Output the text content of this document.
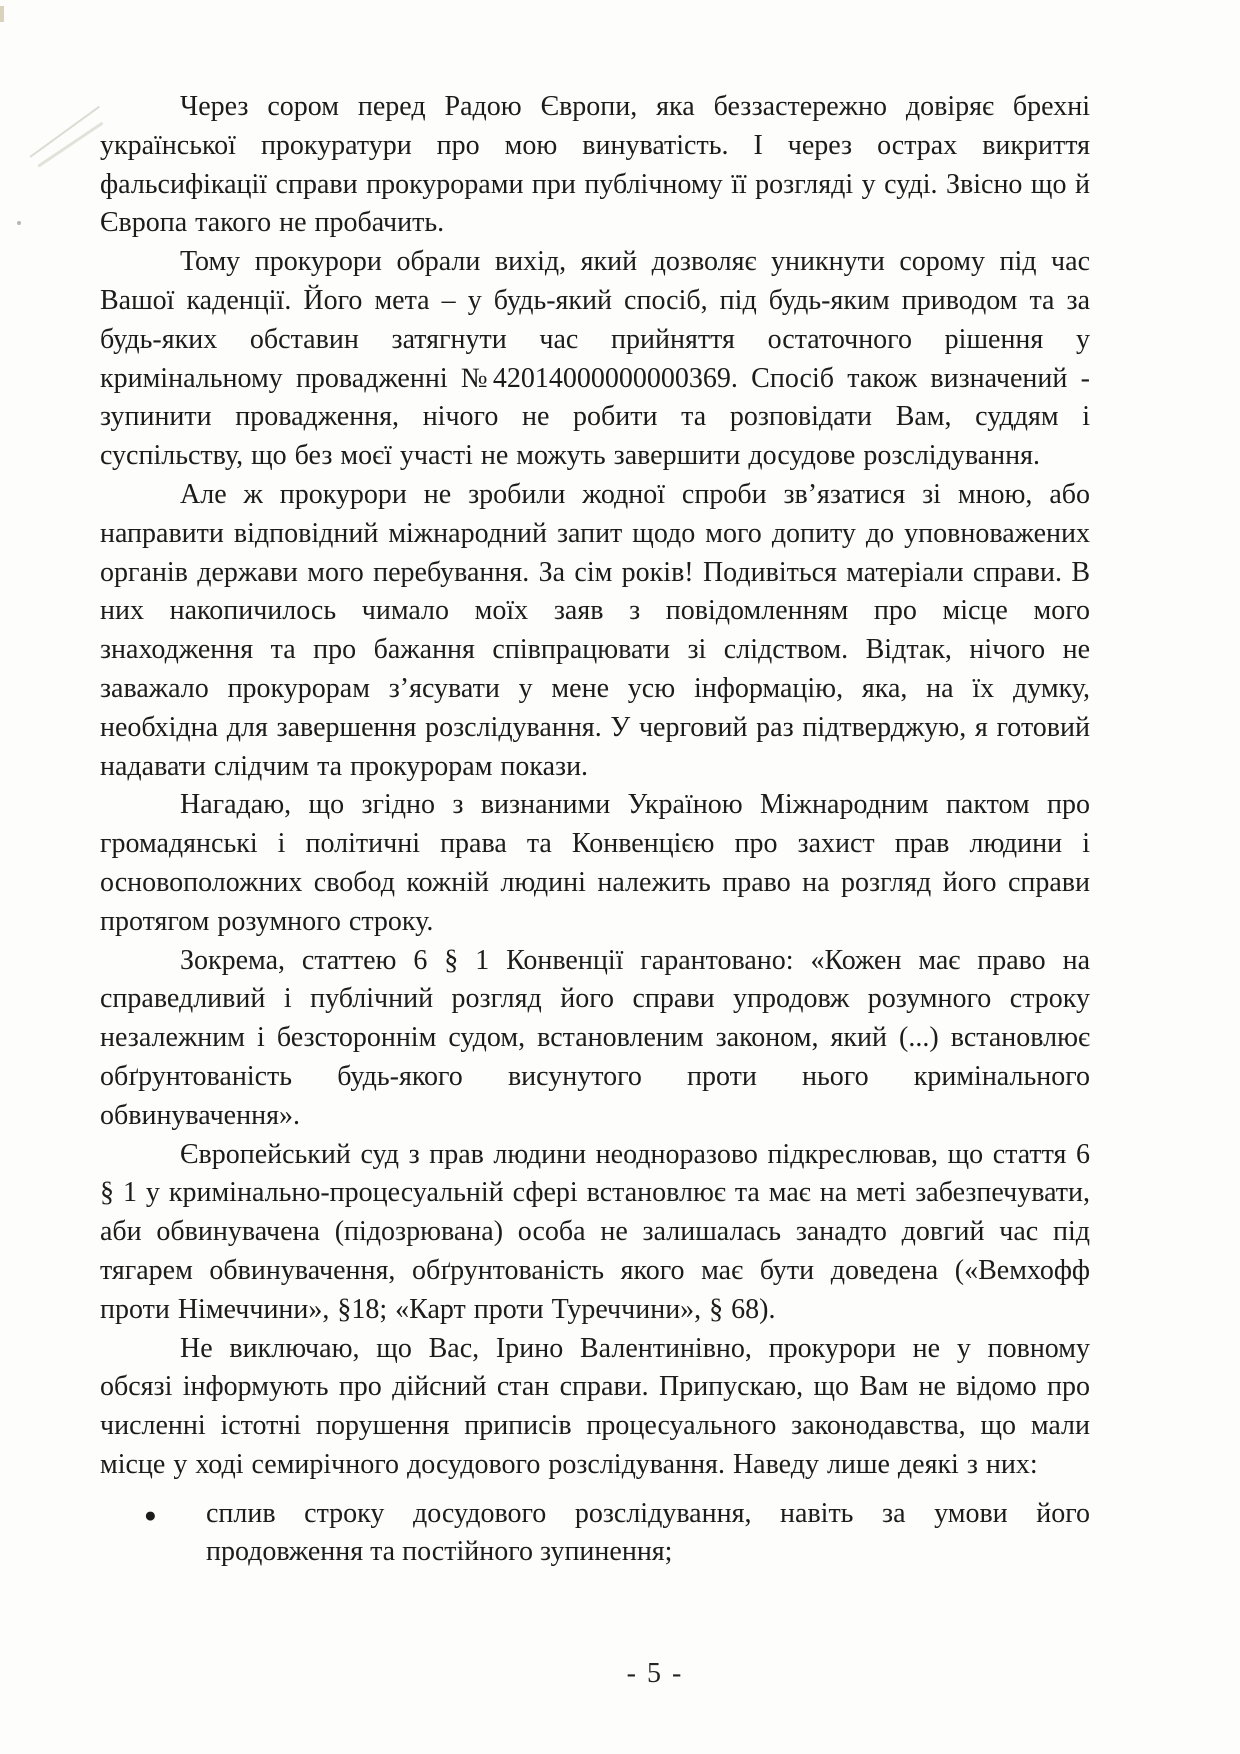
Через сором перед Радою Європи, яка беззастережно довіряє брехні української прокуратури про мою винуватість. І через острах викриття фальсифікації справи прокурорами при публічному її розгляді у суді. Звісно що й Європа такого не пробачить.

Тому прокурори обрали вихід, який дозволяє уникнути сорому під час Вашої каденції. Його мета – у будь-який спосіб, під будь-яким приводом та за будь-яких обставин затягнути час прийняття остаточного рішення у кримінальному провадженні №42014000000000369. Спосіб також визначений - зупинити провадження, нічого не робити та розповідати Вам, суддям і суспільству, що без моєї участі не можуть завершити досудове розслідування.

Але ж прокурори не зробили жодної спроби зв’язатися зі мною, або направити відповідний міжнародний запит щодо мого допиту до уповноважених органів держави мого перебування. За сім років! Подивіться матеріали справи. В них накопичилось чимало моїх заяв з повідомленням про місце мого знаходження та про бажання співпрацювати зі слідством. Відтак, нічого не заважало прокурорам з’ясувати у мене усю інформацію, яка, на їх думку, необхідна для завершення розслідування. У черговий раз підтверджую, я готовий надавати слідчим та прокурорам покази.

Нагадаю, що згідно з визнаними Україною Міжнародним пактом про громадянські і політичні права та Конвенцією про захист прав людини і основоположних свобод кожній людині належить право на розгляд його справи протягом розумного строку.

Зокрема, статтею 6 § 1 Конвенції гарантовано: «Кожен має право на справедливий і публічний розгляд його справи упродовж розумного строку незалежним і безстороннім судом, встановленим законом, який (...) встановлює обґрунтованість будь-якого висунутого проти нього кримінального обвинувачення».

Європейський суд з прав людини неодноразово підкреслював, що стаття 6 § 1 у кримінально-процесуальній сфері встановлює та має на меті забезпечувати, аби обвинувачена (підозрювана) особа не залишалась занадто довгий час під тягарем обвинувачення, обґрунтованість якого має бути доведена («Вемхофф проти Німеччини», §18; «Карт проти Туреччини», § 68).

Не виключаю, що Вас, Ірино Валентинівно, прокурори не у повному обсязі інформують про дійсний стан справи. Припускаю, що Вам не відомо про численні істотні порушення приписів процесуального законодавства, що мали місце у ході семирічного досудового розслідування. Наведу лише деякі з них:

● сплив строку досудового розслідування, навіть за умови його продовження та постійного зупинення;
- 5 -
